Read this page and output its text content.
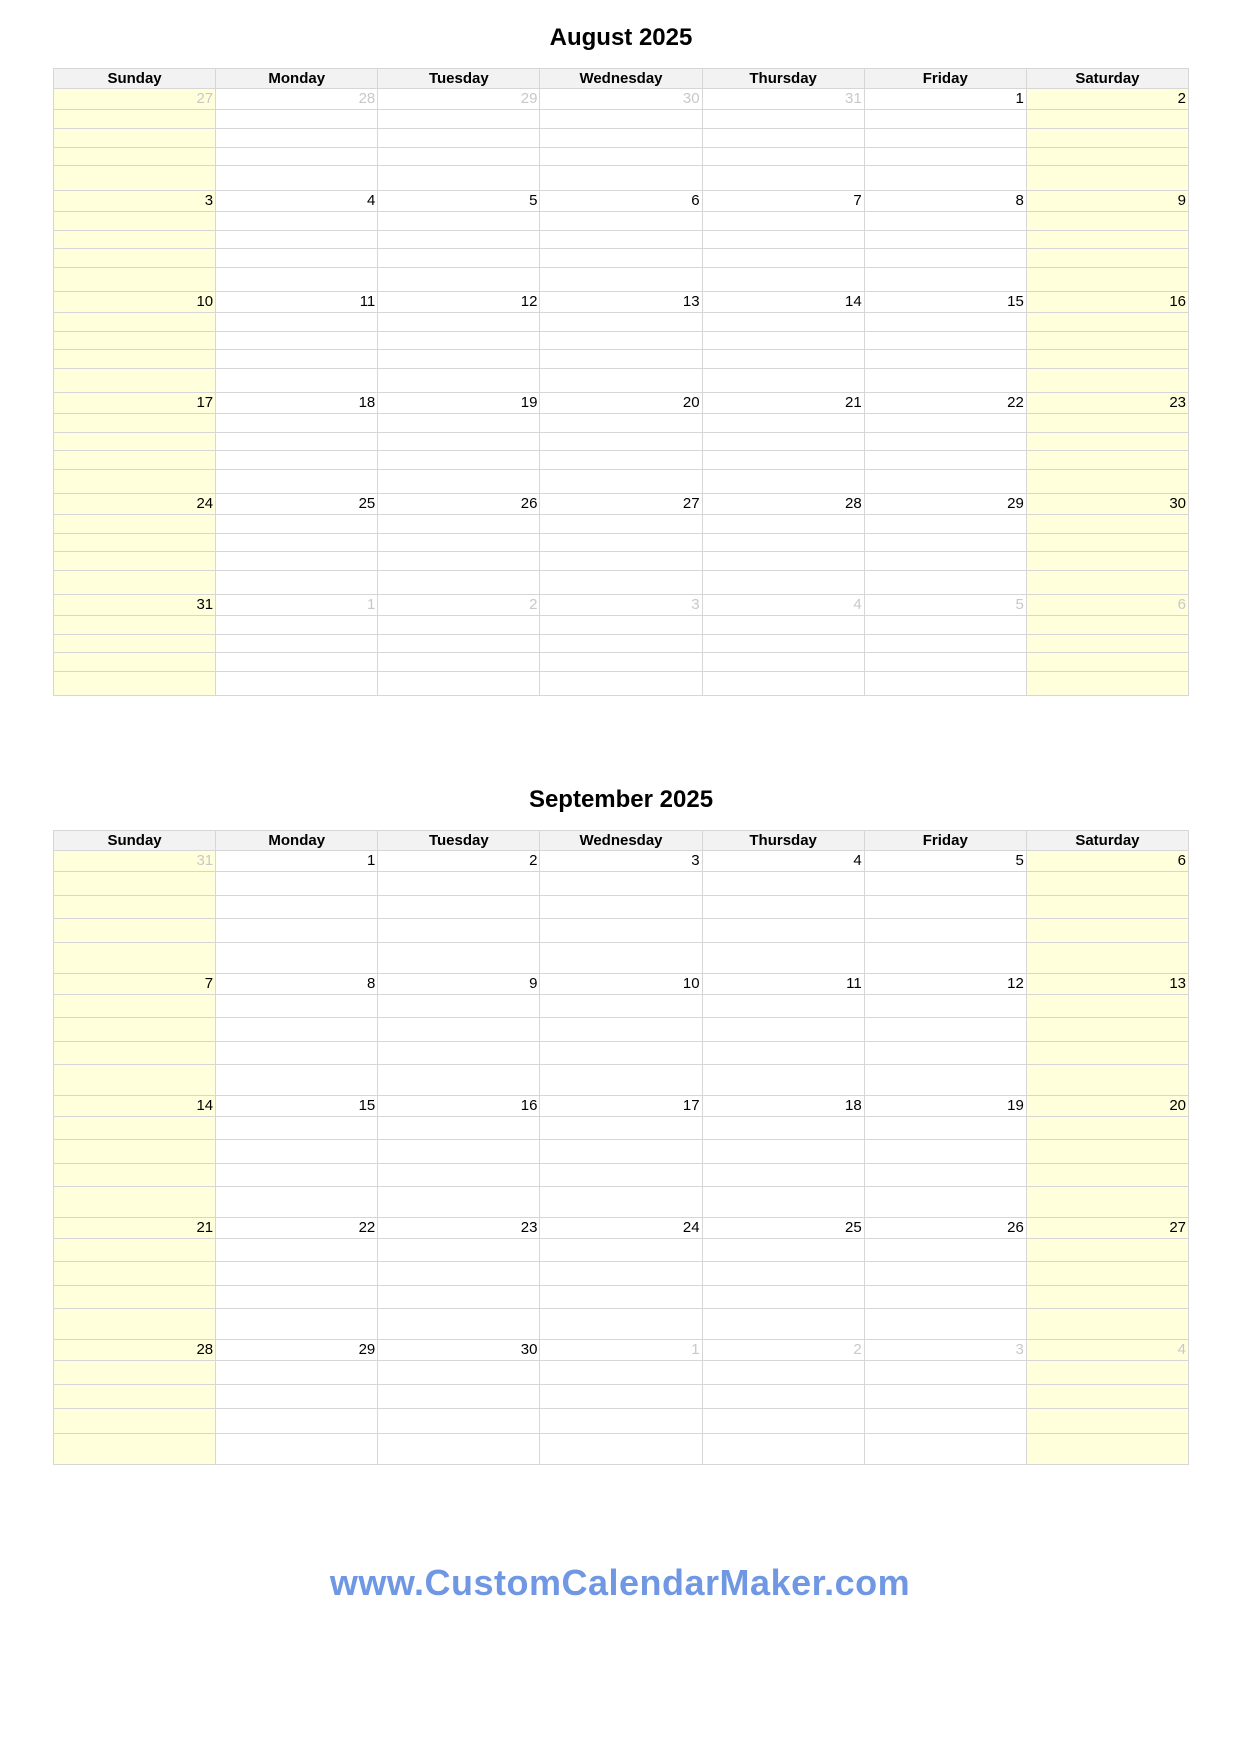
August 2025
Sunday	Monday	Tuesday	Wednesday	Thursday	Friday	Saturday

27	28	29	30	31	1	2

3	4	5	6	7	8	9

10	11	12	13	14	15	16

17	18	19	20	21	22	23

24	25	26	27	28	29	30

31	1	2	3	4	5	6
September 2025
Sunday	Monday	Tuesday	Wednesday	Thursday	Friday	Saturday

31	1	2	3	4	5	6

7	8	9	10	11	12	13

14	15	16	17	18	19	20

21	22	23	24	25	26	27

28	29	30	1	2	3	4
www.CustomCalendarMaker.com
